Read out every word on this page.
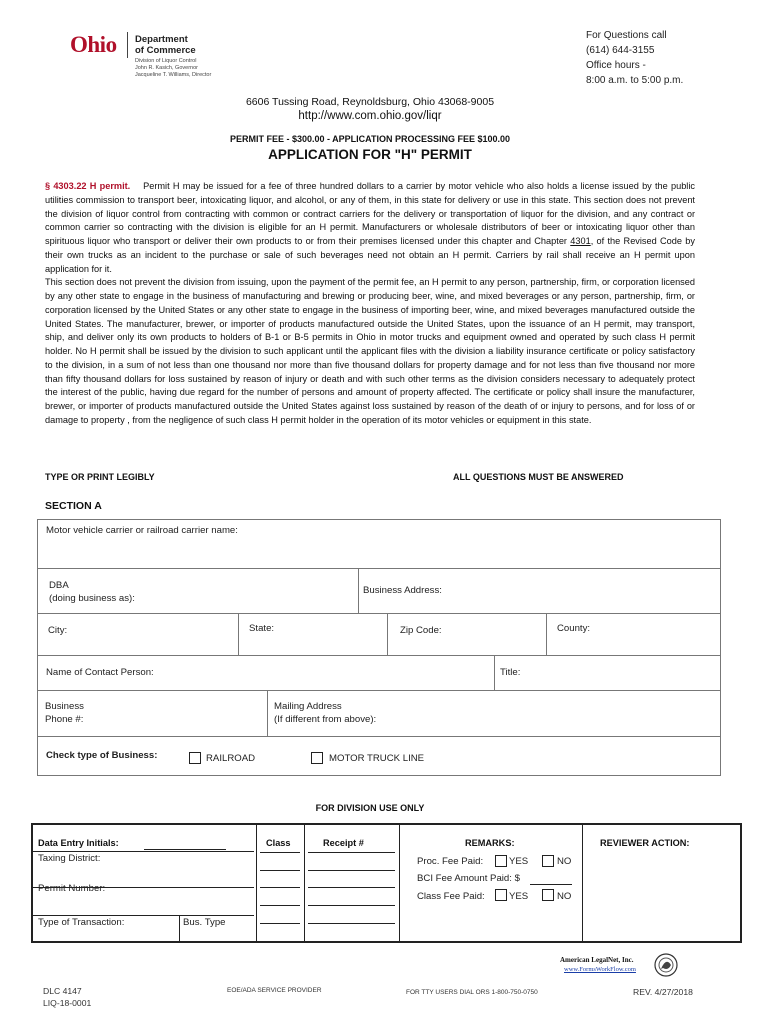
Ohio Department
of Commerce
Division of Liquor Control
John R. Kasich, Governor
Jacqueline T. Williams, Director
For Questions call
(614) 644-3155
Office hours -
8:00 a.m. to 5:00 p.m.
6606 Tussing Road, Reynoldsburg, Ohio 43068-9005
http://www.com.ohio.gov/liqr
PERMIT FEE - $300.00 - APPLICATION PROCESSING FEE $100.00
APPLICATION FOR "H" PERMIT

§ 4303.22 H permit. Permit H may be issued for a fee of three hundred dollars to a carrier by motor vehicle who also holds a license issued by the public utilities commission to transport beer, intoxicating liquor, and alcohol, or any of them, in this state for delivery or use in this state. This section does not prevent the division of liquor control from contracting with common or contract carriers for the delivery or transportation of liquor for the division, and any contract or common carrier so contracting with the division is eligible for an H permit. Manufacturers or wholesale distributors of beer or intoxicating liquor other than spirituous liquor who transport or deliver their own products to or from their premises licensed under this chapter and Chapter 4301, of the Revised Code by their own trucks as an incident to the purchase or sale of such beverages need not obtain an H permit. Carriers by rail shall receive an H permit upon application for it.

This section does not prevent the division from issuing, upon the payment of the permit fee, an H permit to any person, partnership, firm, or corporation licensed by any other state to engage in the business of manufacturing and brewing or producing beer, wine, and mixed beverages or any person, partnership, firm, or corporation licensed by the United States or any other state to engage in the business of importing beer, wine, and mixed beverages manufactured outside the United States. The manufacturer, brewer, or importer of products manufactured outside the United States, upon the issuance of an H permit, may transport, ship, and deliver only its own products to holders of B-1 or B-5 permits in Ohio in motor trucks and equipment owned and operated by such class H permit holder. No H permit shall be issued by the division to such applicant until the applicant files with the division a liability insurance certificate or policy satisfactory to the division, in a sum of not less than one thousand nor more than five thousand dollars for property damage and for not less than five thousand nor more than fifty thousand dollars for loss sustained by reason of injury or death and with such other terms as the division considers necessary to adequately protect the interest of the public, having due regard for the number of persons and amount of property affected. The certificate or policy shall insure the manufacturer, brewer, or importer of products manufactured outside the United States against loss sustained by reason of the death of or injury to persons, and for loss of or damage to property , from the negligence of such class H permit holder in the operation of its motor vehicles or equipment in this state.

TYPE OR PRINT LEGIBLY	ALL QUESTIONS MUST BE ANSWERED
SECTION A
Motor vehicle carrier or railroad carrier name:
DBA
(doing business as):
Business Address:
City:	State:	Zip Code:	County:
Name of Contact Person:	Title:
Business
Phone #:
Mailing Address
(If different from above):
Check type of Business:	RAILROAD	MOTOR TRUCK LINE
FOR DIVISION USE ONLY
Data Entry Initials:
Taxing District:
Permit Number:
Type of Transaction:	Bus. Type
Class	Receipt #	REMARKS:
Proc. Fee Paid:	YES	NO
BCI Fee Amount Paid: $
Class Fee Paid:	YES	NO
REVIEWER ACTION:
American LegalNet, Inc.
www.FormsWorkFlow.com
DLC 4147
LIQ-18-0001
EOE/ADA SERVICE PROVIDER	FOR TTY USERS DIAL ORS 1-800-750-0750	REV. 4/27/2018
